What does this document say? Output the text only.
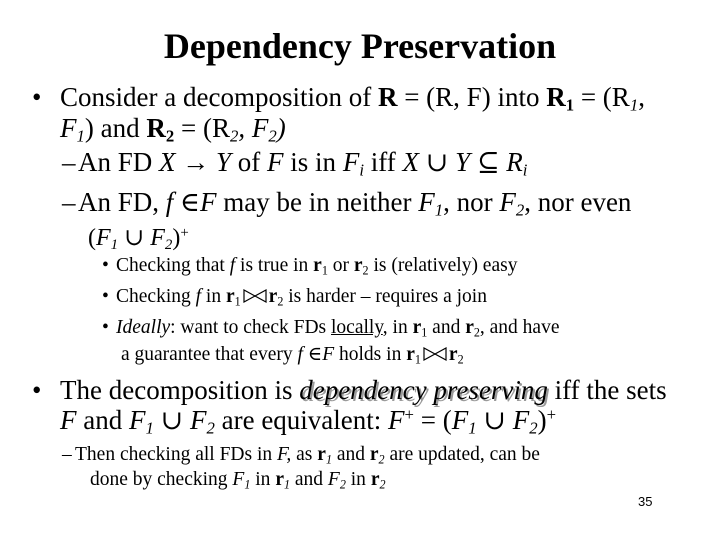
Dependency Preservation
• Consider a decomposition of R = (R, F) into $R_1 = (R_1$,
$F_1$) and $R_2 = (R_2$, $F_2$)
– An FD X → Y of F is in $F_i$ iff X ∪ Y ⊆ $R_i$
– An FD, f ∈F may be in neither $F_1$, nor $F_2$, nor even
($F_1$ ∪ $F_2)^+$
• Checking that f is true in $r_1$ or $r_2$ is (relatively) easy
• Checking f in $r_1$ $r_2$ is harder – requires a join
• Ideally: want to check FDs locally, in $r_1$ and $r_2$, and have
a guarantee that every f ∈F holds in $r_1$ $r_2$
• The decomposition is dependency preserving iff the sets
F and $F_1$ ∪ $F_2$ are equivalent: $F^+ = (F_1$ ∪ $F_2)^+$
– Then checking all FDs in F, as $r_1$ and $r_2$ are updated, can be
done by checking $F_1$ in $r_1$ and $F_2$ in $r_2$
35
